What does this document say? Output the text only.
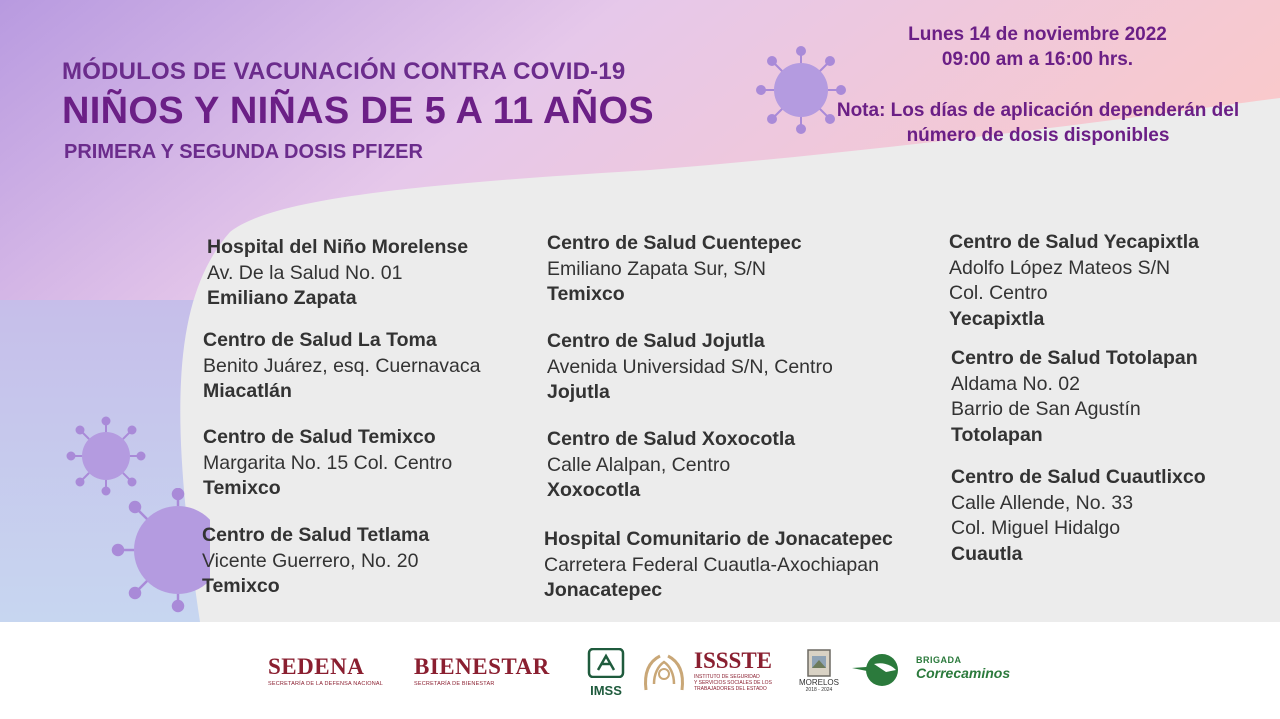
MÓDULOS DE VACUNACIÓN CONTRA COVID-19
NIÑOS Y NIÑAS DE 5 A 11 AÑOS
PRIMERA Y SEGUNDA DOSIS PFIZER
Lunes 14 de noviembre 2022
09:00 am a 16:00 hrs.
Nota: Los días de aplicación dependerán del
número de dosis disponibles
Hospital del Niño Morelense
Av. De la Salud No. 01
Emiliano Zapata
Centro de Salud La Toma
Benito Juárez, esq. Cuernavaca
Miacatlán
Centro de Salud Temixco
Margarita No. 15 Col. Centro
Temixco
Centro de Salud Tetlama
Vicente Guerrero, No. 20
Temixco
Centro de Salud Cuentepec
Emiliano Zapata Sur, S/N
Temixco
Centro de Salud Jojutla
Avenida Universidad S/N, Centro
Jojutla
Centro de Salud Xoxocotla
Calle Alalpan, Centro
Xoxocotla
Hospital Comunitario de Jonacatepec
Carretera Federal Cuautla-Axochiapan
Jonacatepec
Centro de Salud Yecapixtla
Adolfo López Mateos S/N
Col. Centro
Yecapixtla
Centro de Salud Totolapan
Aldama No. 02
Barrio de San Agustín
Totolapan
Centro de Salud Cuautlixco
Calle Allende, No. 33
Col. Miguel Hidalgo
Cuautla
SEDENA
SECRETARÍA DE LA DEFENSA NACIONAL
BIENESTAR
SECRETARÍA DE BIENESTAR	IMSS
ISSSTE
INSTITUTO DE SEGURIDAD
Y SERVICIOS SOCIALES DE LOS
TRABAJADORES DEL ESTADO
MORELOS
2018 - 2024
BRIGADA
Correcaminos
